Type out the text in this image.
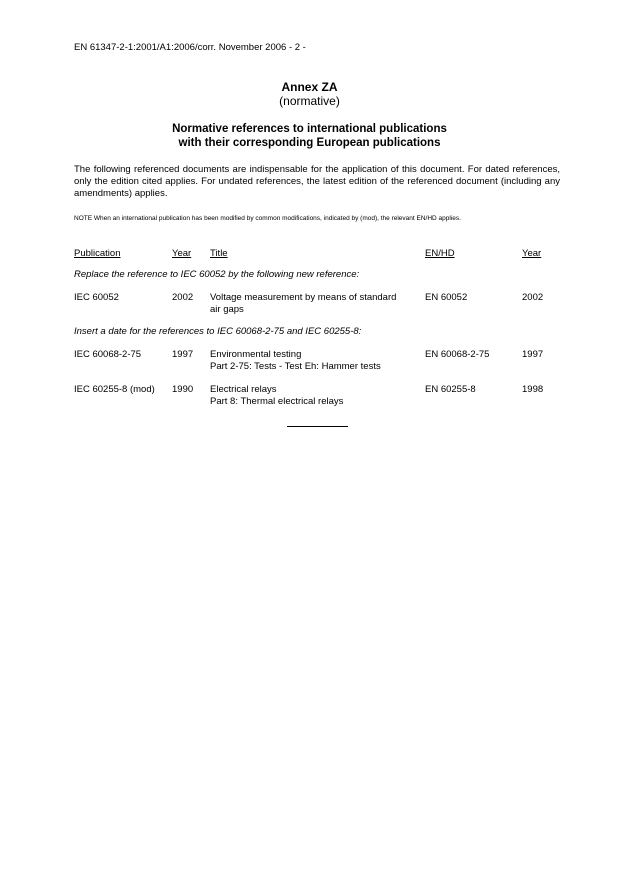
EN 61347-2-1:2001/A1:2006/corr. November 2006 - 2 -
Annex ZA
(normative)
Normative references to international publications
with their corresponding European publications
The following referenced documents are indispensable for the application of this document. For dated references, only the edition cited applies. For undated references, the latest edition of the referenced document (including any amendments) applies.
NOTE When an international publication has been modified by common modifications, indicated by (mod), the relevant EN/HD applies.
Publication	Year Title	EN/HD	Year
Replace the reference to IEC 60052 by the following new reference:
IEC 60052	2002 Voltage measurement by means of standard
air gaps
EN 60052	2002
Insert a date for the references to IEC 60068-2-75 and IEC 60255-8:
IEC 60068-2-75	1997 Environmental testing
Part 2-75: Tests - Test Eh: Hammer tests
EN 60068-2-75	1997
IEC 60255-8 (mod) 1990 Electrical relays
Part 8: Thermal electrical relays
EN 60255-8	1998
